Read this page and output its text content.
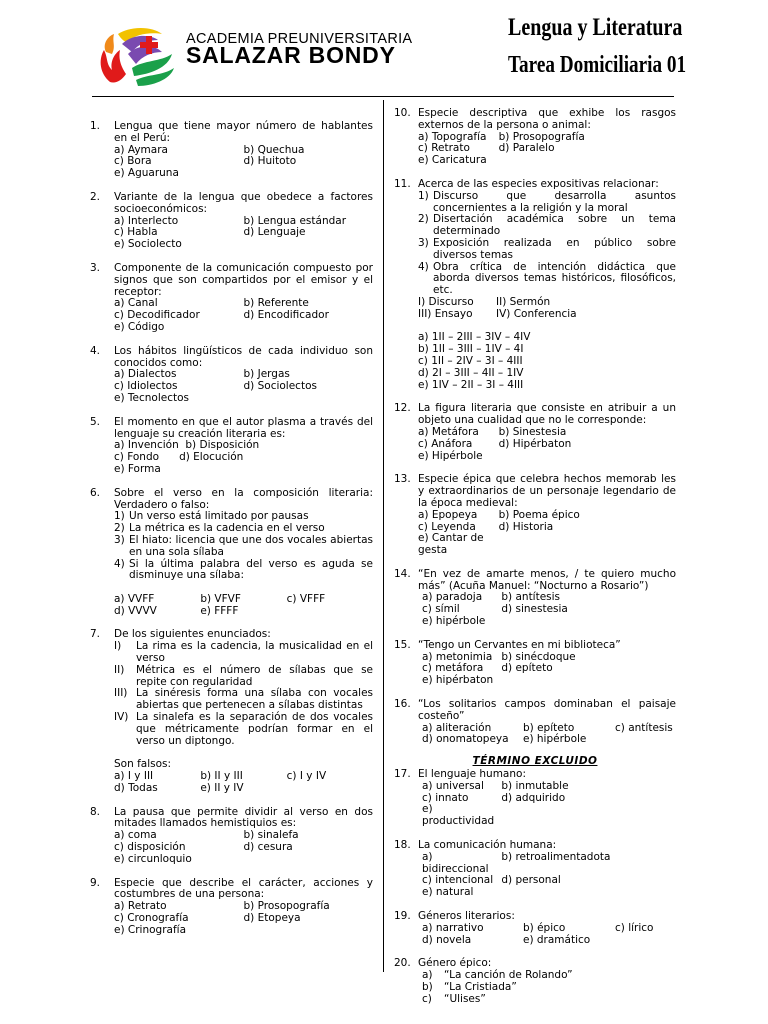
ACADEMIA PREUNIVERSITARIA
SALAZAR BONDY
Lengua y Literatura
Tarea Domiciliaria 01
1. Lengua que tiene mayor número de hablantes en el Perú:
a) Aymara	b) Quechua
c) Bora	d) Huitoto
e) Aguaruna
2. Variante de la lengua que obedece a factores socioeconómicos:
a) Interlecto	b) Lengua estándar
c) Habla	d) Lenguaje
e) Sociolecto
3. Componente de la comunicación compuesto por signos que son compartidos por el emisor y el receptor:
a) Canal	b) Referente
c) Decodificador	d) Encodificador
e) Código
4. Los hábitos lingüísticos de cada individuo son conocidos como:
a) Dialectos	b) Jergas
c) Idiolectos	d) Sociolectos
e) Tecnolectos
5. El momento en que el autor plasma a través del lenguaje su creación literaria es:
a) Invención  b) Disposición
c) Fondo      d) Elocución
e) Forma
6. Sobre el verso en la composición literaria: Verdadero o falso:
1) Un verso está limitado por pausas
2) La métrica es la cadencia en el verso
3) El hiato: licencia que une dos vocales abiertas en una sola sílaba
4) Si la última palabra del verso es aguda se disminuye una sílaba:
a) VVFF	b) VFVF	c) VFFF
d) VVVV	e) FFFF
7. De los siguientes enunciados:
I) La rima es la cadencia, la musicalidad en el verso
II) Métrica es el número de sílabas que se repite con regularidad
III) La sinéresis forma una sílaba con vocales abiertas que pertenecen a sílabas distintas
IV) La sinalefa es la separación de dos vocales que métricamente podrían formar en el verso un diptongo.
Son falsos:
a) I y III	b) II y III	c) I y IV
d) Todas	e) II y IV
8. La pausa que permite dividir al verso en dos mitades llamados hemistiquios es:
a) coma	b) sinalefa
c) disposición	d) cesura
e) circunloquio
9. Especie que describe el carácter, acciones y costumbres de una persona:
a) Retrato	b) Prosopografía
c) Cronografía	d) Etopeya
e) Crinografía
10. Especie descriptiva que exhibe los rasgos externos de la persona o animal:
a) Topografía	b) Prosopografía
c) Retrato	d) Paralelo
e) Caricatura
11. Acerca de las especies expositivas relacionar:
1) Discurso que desarrolla asuntos concernientes a la religión y la moral
2) Disertación académica sobre un tema determinado
3) Exposición realizada en público sobre diversos temas
4) Obra crítica de intención didáctica que aborda diversos temas históricos, filosóficos, etc.
I) Discurso	II) Sermón
III) Ensayo	IV) Conferencia
a) 1II – 2III – 3IV – 4IV
b) 1II – 3III – 1IV – 4I
c) 1II – 2IV – 3I – 4III
d) 2I – 3III – 4II – 1IV
e) 1IV – 2II – 3I – 4III
12. La figura literaria que consiste en atribuir a un objeto una cualidad que no le corresponde:
a) Metáfora	b) Sinestesia
c) Anáfora	d) Hipérbaton
e) Hipérbole
13. Especie épica que celebra hechos memorab les y extraordinarios de un personaje legendario de la época medieval:
a) Epopeya	b) Poema épico
c) Leyenda	d) Historia
e) Cantar de gesta
14. “En vez de amarte menos, / te quiero mucho más” (Acuña Manuel: “Nocturno a Rosario”)
a) paradoja	b) antítesis
c) símil	d) sinestesia
e) hipérbole
15. “Tengo un Cervantes en mi biblioteca”
a) metonimia b) sinécdoque
c) metáfora	d) epíteto
e) hipérbaton
16. “Los solitarios campos dominaban el paisaje costeño”
a) aliteración	b) epíteto	c) antítesis
d) onomatopeya	e) hipérbole
TÉRMINO EXCLUIDO
17. El lenguaje humano:
a) universal	b) inmutable
c) innato	d) adquirido
e) productividad
18. La comunicación humana:
a) bidireccional
b) retroalimentadota
c) intencional d) personal
e) natural
19. Géneros literarios:
a) narrativo	b) épico	c) lírico
d) novela	e) dramático
20. Género épico:
a)	“La canción de Rolando”
b)	“La Cristiada”
c)	“Ulises”
